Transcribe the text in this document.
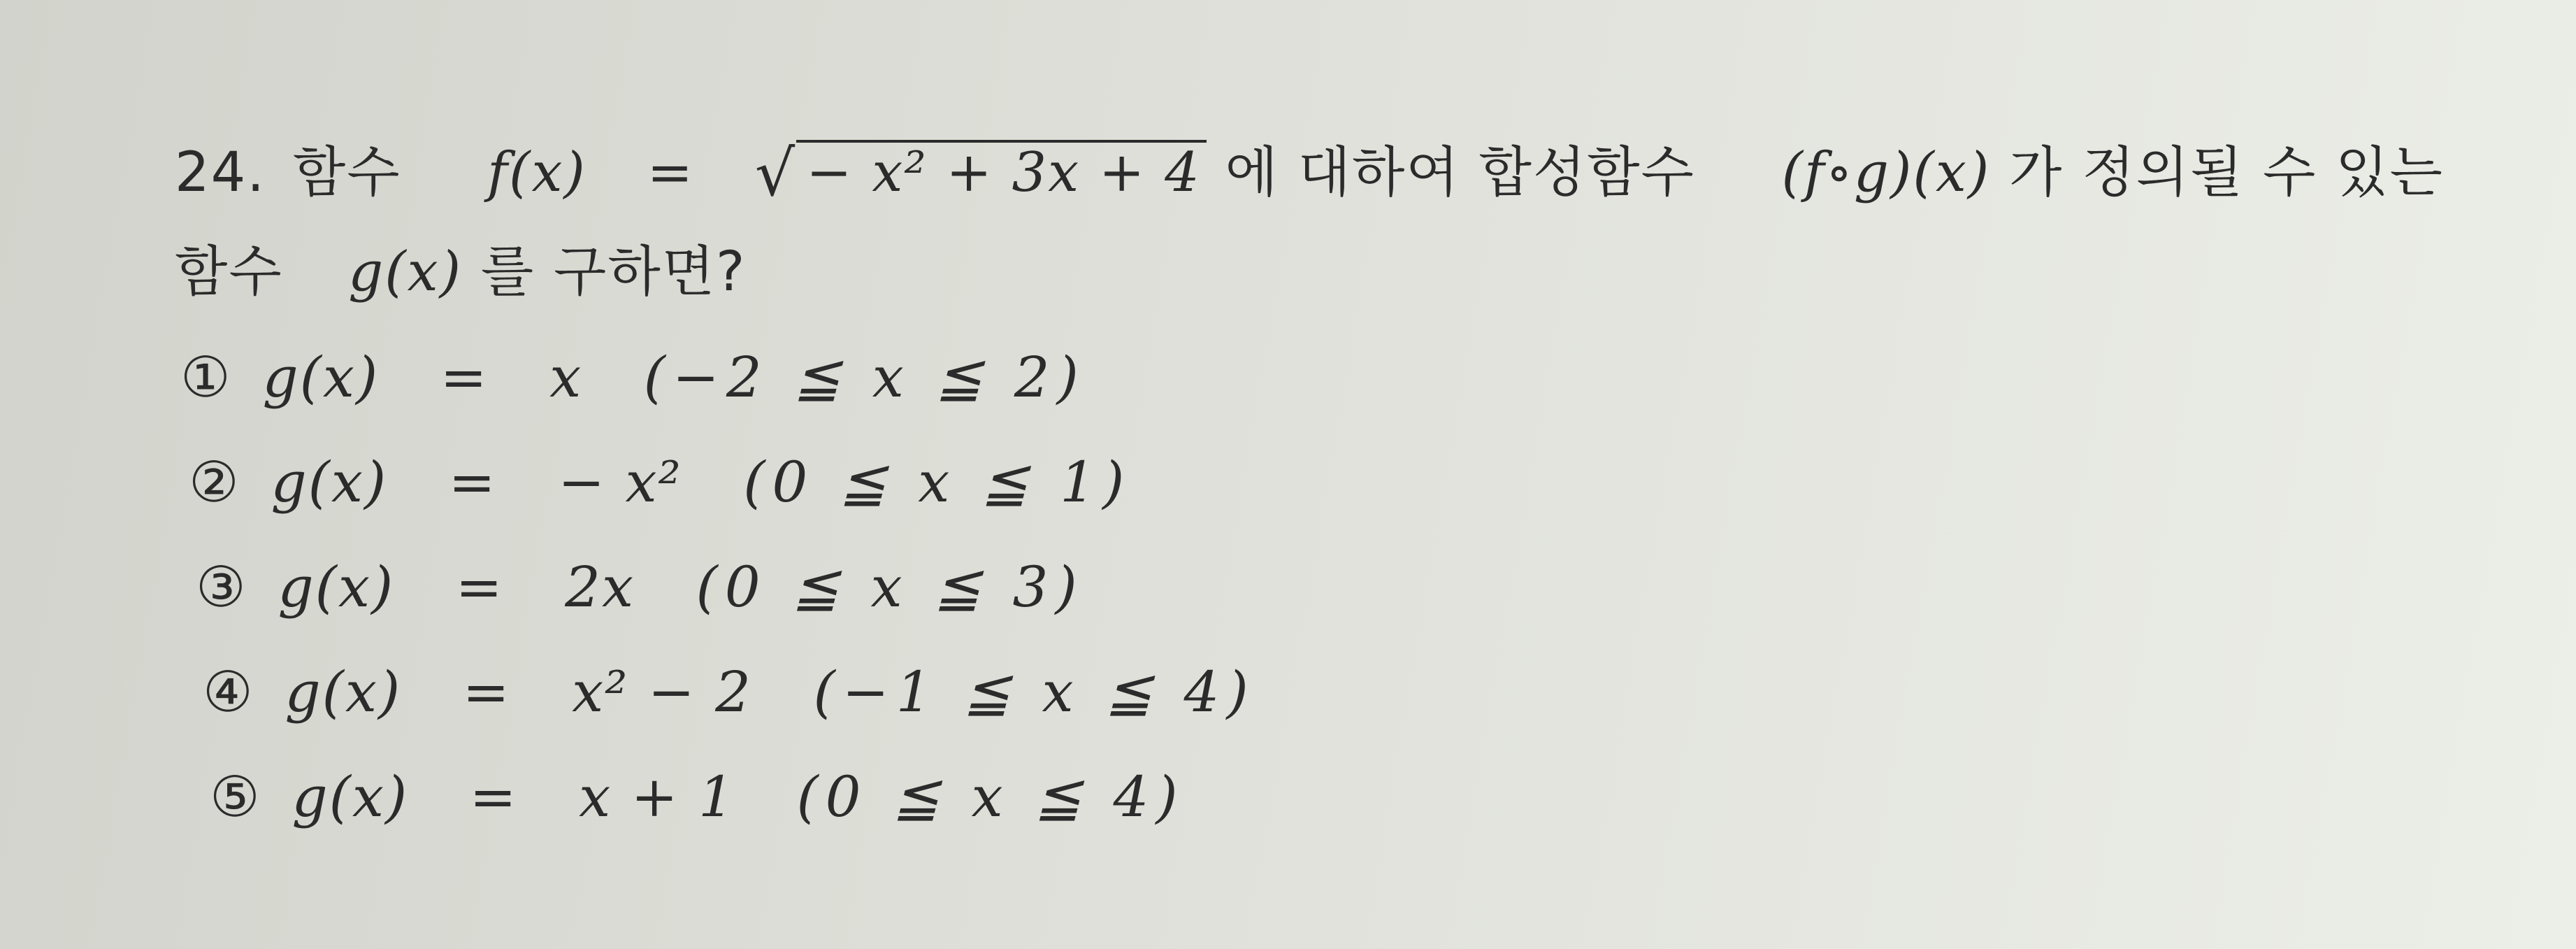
24. 함수 f(x) = √ − x² + 3x + 4 에 대하여 합성함수 (f∘g)(x) 가 정의될 수 있는
함수 g(x) 를 구하면?
① g(x) = x (−2 ≦ x ≦ 2)
② g(x) = − x² (0 ≦ x ≦ 1)
③ g(x) = 2x (0 ≦ x ≦ 3)
④ g(x) = x² − 2 (−1 ≦ x ≦ 4)
⑤ g(x) = x + 1 (0 ≦ x ≦ 4)
